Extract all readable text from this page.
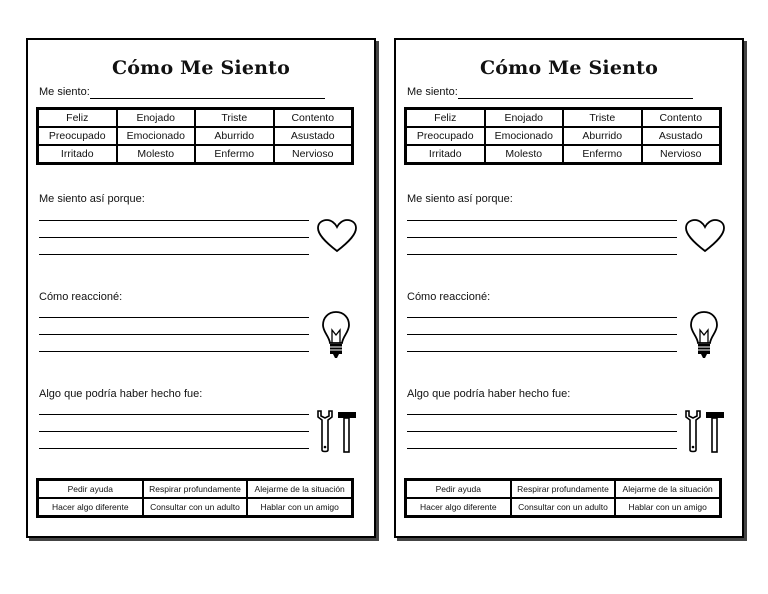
Cómo Me Siento
Me siento:
Feliz	Enojado	Triste	Contento
Preocupado	Emocionado	Aburrido	Asustado
Irritado	Molesto	Enfermo	Nervioso
Me siento así porque:
Cómo reaccioné:
Algo que podría haber hecho fue:
Pedir ayuda	Respirar profundamente	Alejarme de la situación
Hacer algo diferente	Consultar con un adulto	Hablar con un amigo
Cómo Me Siento
Me siento:
Feliz	Enojado	Triste	Contento
Preocupado	Emocionado	Aburrido	Asustado
Irritado	Molesto	Enfermo	Nervioso
Me siento así porque:
Cómo reaccioné:
Algo que podría haber hecho fue:
Pedir ayuda	Respirar profundamente	Alejarme de la situación
Hacer algo diferente	Consultar con un adulto	Hablar con un amigo
